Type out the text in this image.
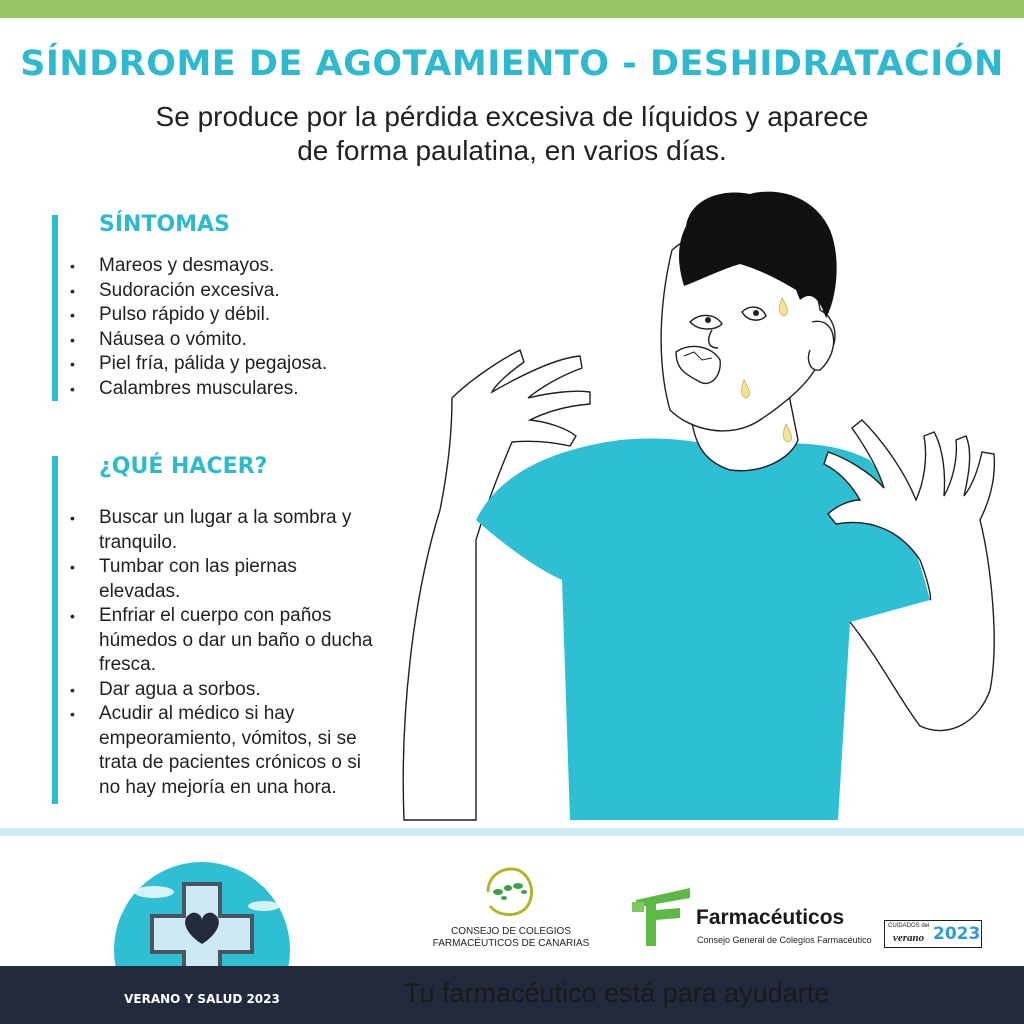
SÍNDROME DE AGOTAMIENTO - DESHIDRATACIÓN
Se produce por la pérdida excesiva de líquidos y aparece
de forma paulatina, en varios días.
SÍNTOMAS
• Mareos y desmayos.
• Sudoración excesiva.
• Pulso rápido y débil.
• Náusea o vómito.
• Piel fría, pálida y pegajosa.
• Calambres musculares.
¿QUÉ HACER?
• Buscar un lugar a la sombra y
tranquilo.
• Tumbar con las piernas
elevadas.
• Enfriar el cuerpo con paños
húmedos o dar un baño o ducha
fresca.
• Dar agua a sorbos.
• Acudir al médico si hay
empeoramiento, vómitos, si se
trata de pacientes crónicos o si
no hay mejoría en una hora.
CONSEJO DE COLEGIOS
FARMACÉUTICOS DE CANARIAS
Farmacéuticos
Consejo General de Colegios Farmacéutico
CUIDADOS del
verano 2023
Tu farmacéutico está para ayudarte
VERANO Y SALUD 2023
